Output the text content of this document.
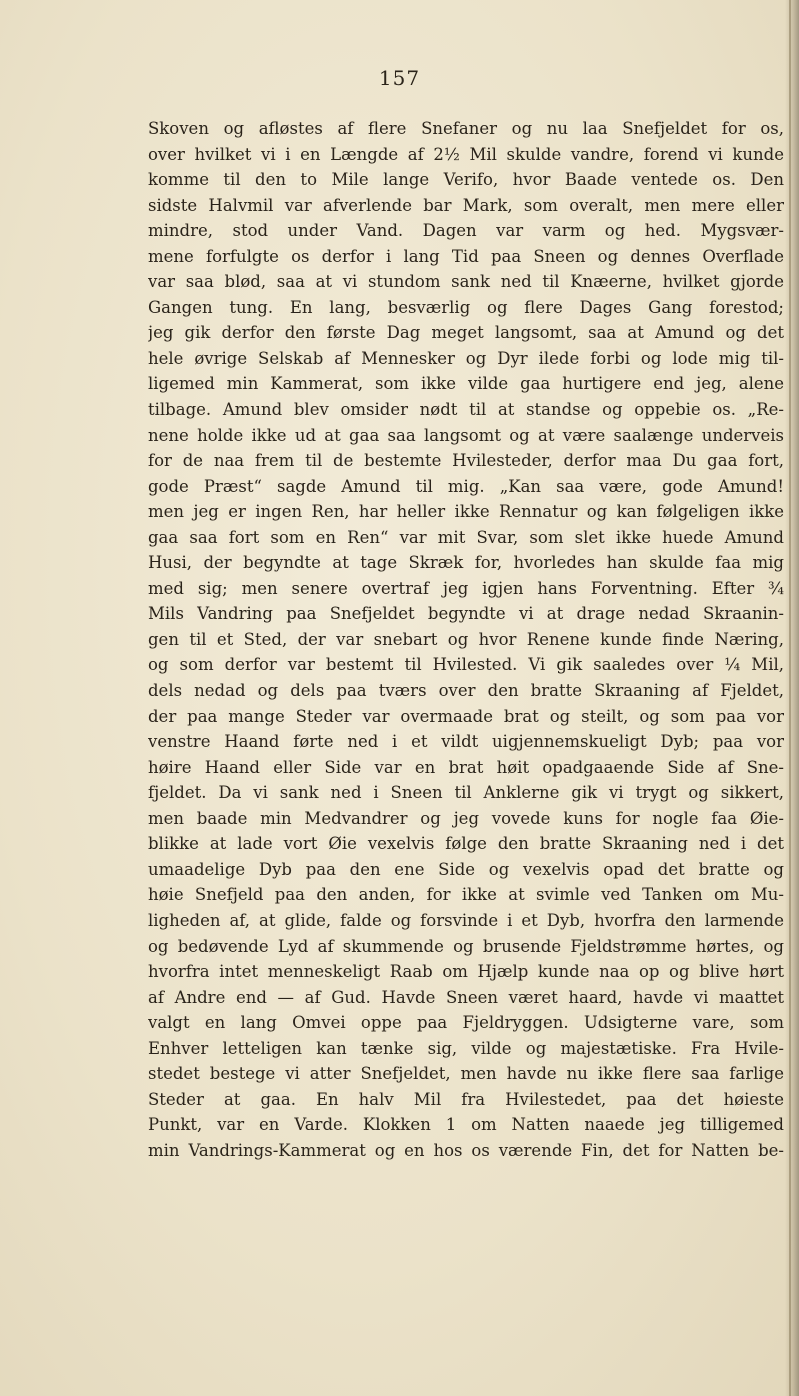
157
Skoven og afløstes af flere Snefaner og nu laa Snefjeldet for os,
over hvilket vi i en Længde af 2½ Mil skulde vandre, forend vi kunde
komme til den to Mile lange Verifo, hvor Baade ventede os. Den
sidste Halvmil var afverlende bar Mark, som overalt, men mere eller
mindre, stod under Vand. Dagen var varm og hed. Mygsvær-
mene forfulgte os derfor i lang Tid paa Sneen og dennes Overflade
var saa blød, saa at vi stundom sank ned til Knæerne, hvilket gjorde
Gangen tung. En lang, besværlig og flere Dages Gang forestod;
jeg gik derfor den første Dag meget langsomt, saa at Amund og det
hele øvrige Selskab af Mennesker og Dyr ilede forbi og lode mig til-
ligemed min Kammerat, som ikke vilde gaa hurtigere end jeg, alene
tilbage. Amund blev omsider nødt til at standse og oppebie os. „Re-
nene holde ikke ud at gaa saa langsomt og at være saalænge underveis
for de naa frem til de bestemte Hvilesteder, derfor maa Du gaa fort,
gode Præst“ sagde Amund til mig. „Kan saa være, gode Amund!
men jeg er ingen Ren, har heller ikke Rennatur og kan følgeligen ikke
gaa saa fort som en Ren“ var mit Svar, som slet ikke huede Amund
Husi, der begyndte at tage Skræk for, hvorledes han skulde faa mig
med sig; men senere overtraf jeg igjen hans Forventning. Efter ¾
Mils Vandring paa Snefjeldet begyndte vi at drage nedad Skraanin-
gen til et Sted, der var snebart og hvor Renene kunde finde Næring,
og som derfor var bestemt til Hvilested. Vi gik saaledes over ¼ Mil,
dels nedad og dels paa tværs over den bratte Skraaning af Fjeldet,
der paa mange Steder var overmaade brat og steilt, og som paa vor
venstre Haand førte ned i et vildt uigjennemskueligt Dyb; paa vor
høire Haand eller Side var en brat høit opadgaaende Side af Sne-
fjeldet. Da vi sank ned i Sneen til Anklerne gik vi trygt og sikkert,
men baade min Medvandrer og jeg vovede kuns for nogle faa Øie-
blikke at lade vort Øie vexelvis følge den bratte Skraaning ned i det
umaadelige Dyb paa den ene Side og vexelvis opad det bratte og
høie Snefjeld paa den anden, for ikke at svimle ved Tanken om Mu-
ligheden af, at glide, falde og forsvinde i et Dyb, hvorfra den larmende
og bedøvende Lyd af skummende og brusende Fjeldstrømme hørtes, og
hvorfra intet menneskeligt Raab om Hjælp kunde naa op og blive hørt
af Andre end — af Gud. Havde Sneen været haard, havde vi maattet
valgt en lang Omvei oppe paa Fjeldryggen. Udsigterne vare, som
Enhver letteligen kan tænke sig, vilde og majestætiske. Fra Hvile-
stedet bestege vi atter Snefjeldet, men havde nu ikke flere saa farlige
Steder at gaa. En halv Mil fra Hvilestedet, paa det høieste
Punkt, var en Varde. Klokken 1 om Natten naaede jeg tilligemed
min Vandrings-Kammerat og en hos os værende Fin, det for Natten be-
